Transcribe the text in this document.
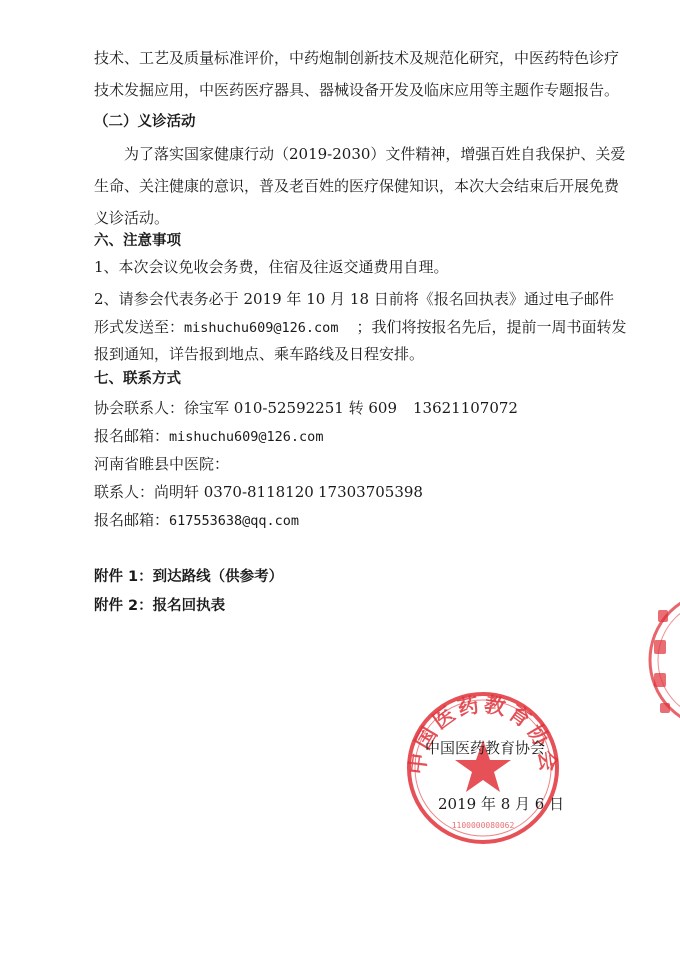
技术、工艺及质量标准评价，中药炮制创新技术及规范化研究，中医药特色诊疗
技术发掘应用，中医药医疗器具、器械设备开发及临床应用等主题作专题报告。
（二）义诊活动
为了落实国家健康行动（2019-2030）文件精神，增强百姓自我保护、关爱
生命、关注健康的意识，普及老百姓的医疗保健知识，本次大会结束后开展免费
义诊活动。
六、注意事项
1、本次会议免收会务费，住宿及往返交通费用自理。
2、请参会代表务必于 2019 年 10 月 18 日前将《报名回执表》通过电子邮件
形式发送至：mishuchu609@126.com ；我们将按报名先后，提前一周书面转发
报到通知，详告报到地点、乘车路线及日程安排。
七、联系方式
协会联系人：徐宝军 010-52592251 转 609 13621107072
报名邮箱：mishuchu609@126.com
河南省睢县中医院：
联系人：尚明轩 0370-8118120 17303705398
报名邮箱：617553638@qq.com
附件 1：到达路线（供参考）
附件 2：报名回执表
中国医药教育协会
1100000080062
中国医药教育协会
2019 年 8 月 6 日
